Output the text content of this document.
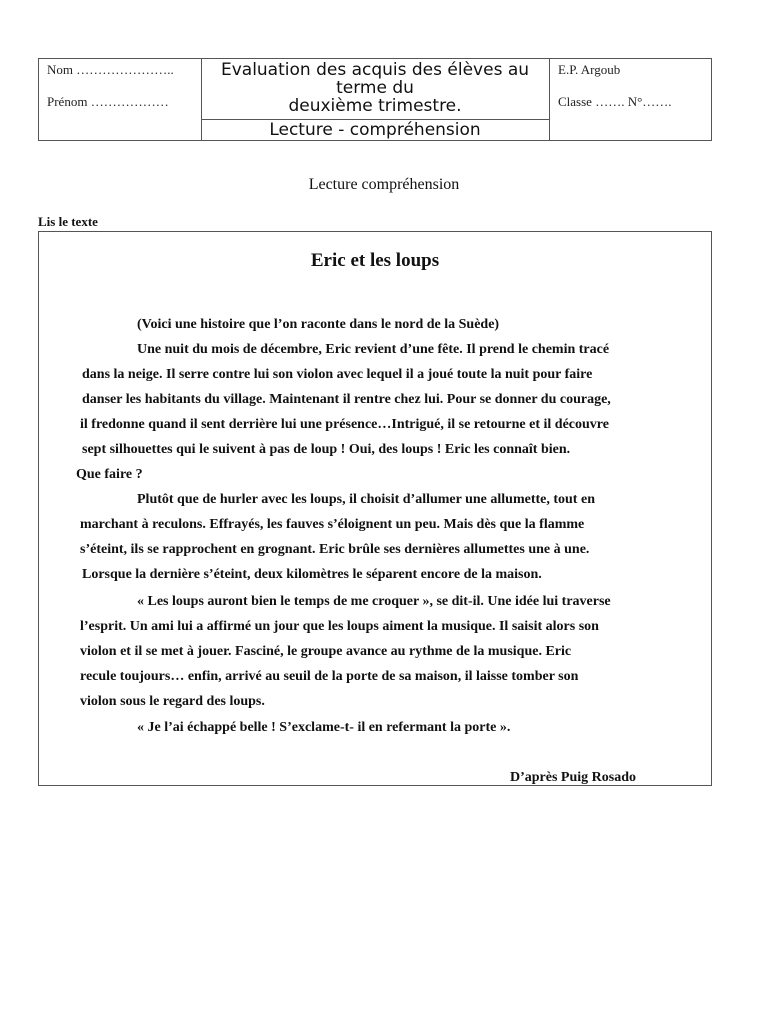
Nom …………………..
Prénom ………………
Evaluation des acquis des élèves au
terme du
deuxième trimestre.
Lecture - compréhension
E.P. Argoub
Classe ……. N°…….
Lecture compréhension
Lis le texte
Eric et les loups
(Voici une histoire que l’on raconte dans le nord de la Suède)
Une nuit du mois de décembre, Eric revient d’une fête. Il prend le chemin tracé
dans la neige. Il serre contre lui son violon avec lequel il a joué toute la nuit pour faire
danser les habitants du village. Maintenant il rentre chez lui. Pour se donner du courage,
il fredonne quand il sent derrière lui une présence…Intrigué, il se retourne et il découvre
sept silhouettes qui le suivent à pas de loup ! Oui, des loups ! Eric les connaît bien.
Que faire ?
Plutôt que de hurler avec les loups, il choisit d’allumer une allumette, tout en
marchant à reculons. Effrayés, les fauves s’éloignent un peu. Mais dès que la flamme
s’éteint, ils se rapprochent en grognant. Eric brûle ses dernières allumettes une à une.
Lorsque la dernière s’éteint, deux kilomètres le séparent encore de la maison.
« Les loups auront bien le temps de me croquer », se dit-il. Une idée lui traverse
l’esprit. Un ami lui a affirmé un jour que les loups aiment la musique. Il saisit alors son
violon et il se met à jouer. Fasciné, le groupe avance au rythme de la musique. Eric
recule toujours… enfin, arrivé au seuil de la porte de sa maison, il laisse tomber son
violon sous le regard des loups.
« Je l’ai échappé belle ! S’exclame-t- il en refermant la porte ».
D’après Puig Rosado
